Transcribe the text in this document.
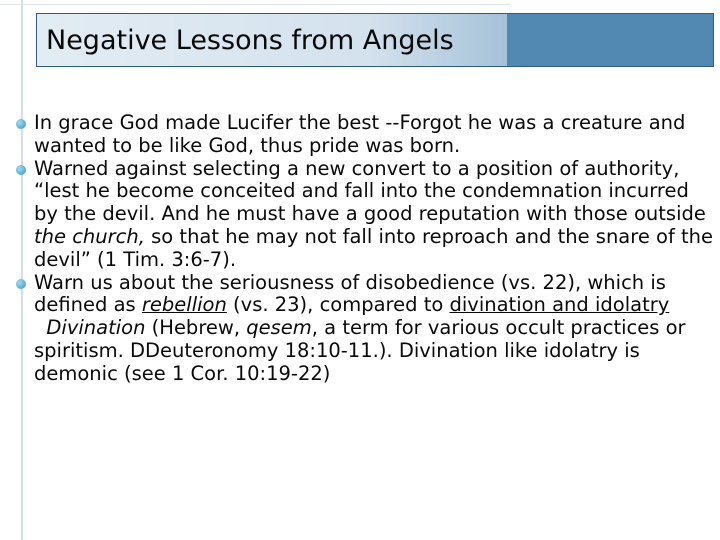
Negative Lessons from Angels
In grace God made Lucifer the best --Forgot he was a creature and wanted to be like God, thus pride was born.
Warned against selecting a new convert to a position of authority, “lest he become conceited and fall into the condemnation incurred by the devil. And he must have a good reputation with those outside the church, so that he may not fall into reproach and the snare of the devil” (1 Tim. 3:6-7).
Warn us about the seriousness of disobedience (vs. 22), which is defined as rebellion (vs. 23), compared to divination and idolatry  Divination (Hebrew, qesem, a term for various occult practices or spiritism. DDeuteronomy 18:10-11.). Divination like idolatry is demonic (see 1 Cor. 10:19-22)
